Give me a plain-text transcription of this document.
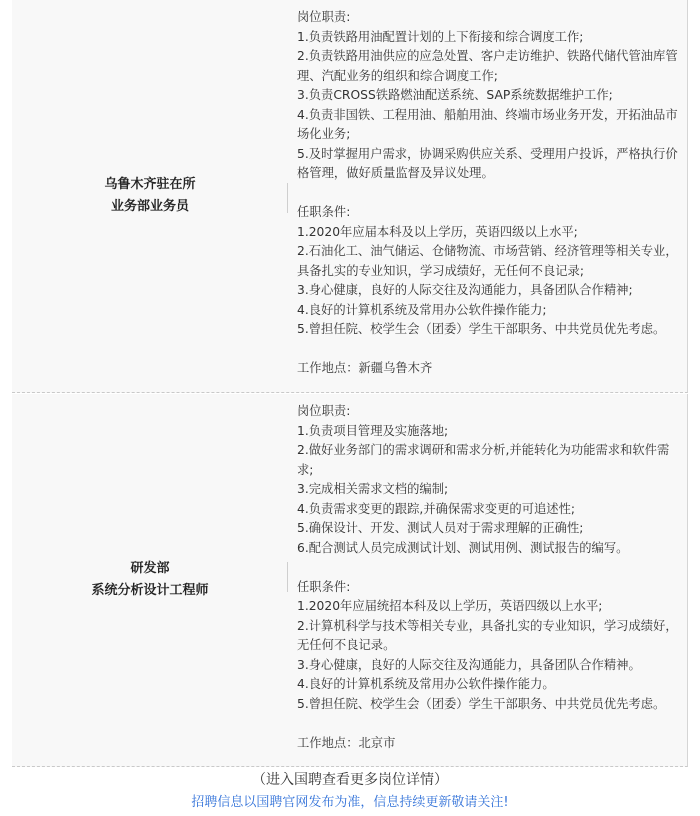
乌鲁木齐驻在所
业务部业务员

岗位职责:

1.负责铁路用油配置计划的上下衔接和综合调度工作;

2.负责铁路用油供应的应急处置、客户走访维护、铁路代储代管油库管理、汽配业务的组织和综合调度工作;

3.负责CROSS铁路燃油配送系统、SAP系统数据维护工作;

4.负责非国铁、工程用油、船舶用油、终端市场业务开发，开拓油品市场化业务;

5.及时掌握用户需求，协调采购供应关系、受理用户投诉，严格执行价格管理，做好质量监督及异议处理。

任职条件:

1.2020年应届本科及以上学历，英语四级以上水平;

2.石油化工、油气储运、仓储物流、市场营销、经济管理等相关专业，具备扎实的专业知识，学习成绩好，无任何不良记录;

3.身心健康，良好的人际交往及沟通能力，具备团队合作精神;

4.良好的计算机系统及常用办公软件操作能力;

5.曾担任院、校学生会（团委）学生干部职务、中共党员优先考虑。

工作地点：新疆乌鲁木齐

研发部
系统分析设计工程师

岗位职责:

1.负责项目管理及实施落地;

2.做好业务部门的需求调研和需求分析,并能转化为功能需求和软件需求;

3.完成相关需求文档的编制;

4.负责需求变更的跟踪,并确保需求变更的可追述性;

5.确保设计、开发、测试人员对于需求理解的正确性;

6.配合测试人员完成测试计划、测试用例、测试报告的编写。

任职条件:

1.2020年应届统招本科及以上学历，英语四级以上水平;

2.计算机科学与技术等相关专业，具备扎实的专业知识，学习成绩好，无任何不良记录。

3.身心健康，良好的人际交往及沟通能力，具备团队合作精神。

4.良好的计算机系统及常用办公软件操作能力。

5.曾担任院、校学生会（团委）学生干部职务、中共党员优先考虑。

工作地点：北京市

（进入国聘查看更多岗位详情）
招聘信息以国聘官网发布为准，信息持续更新敬请关注!
